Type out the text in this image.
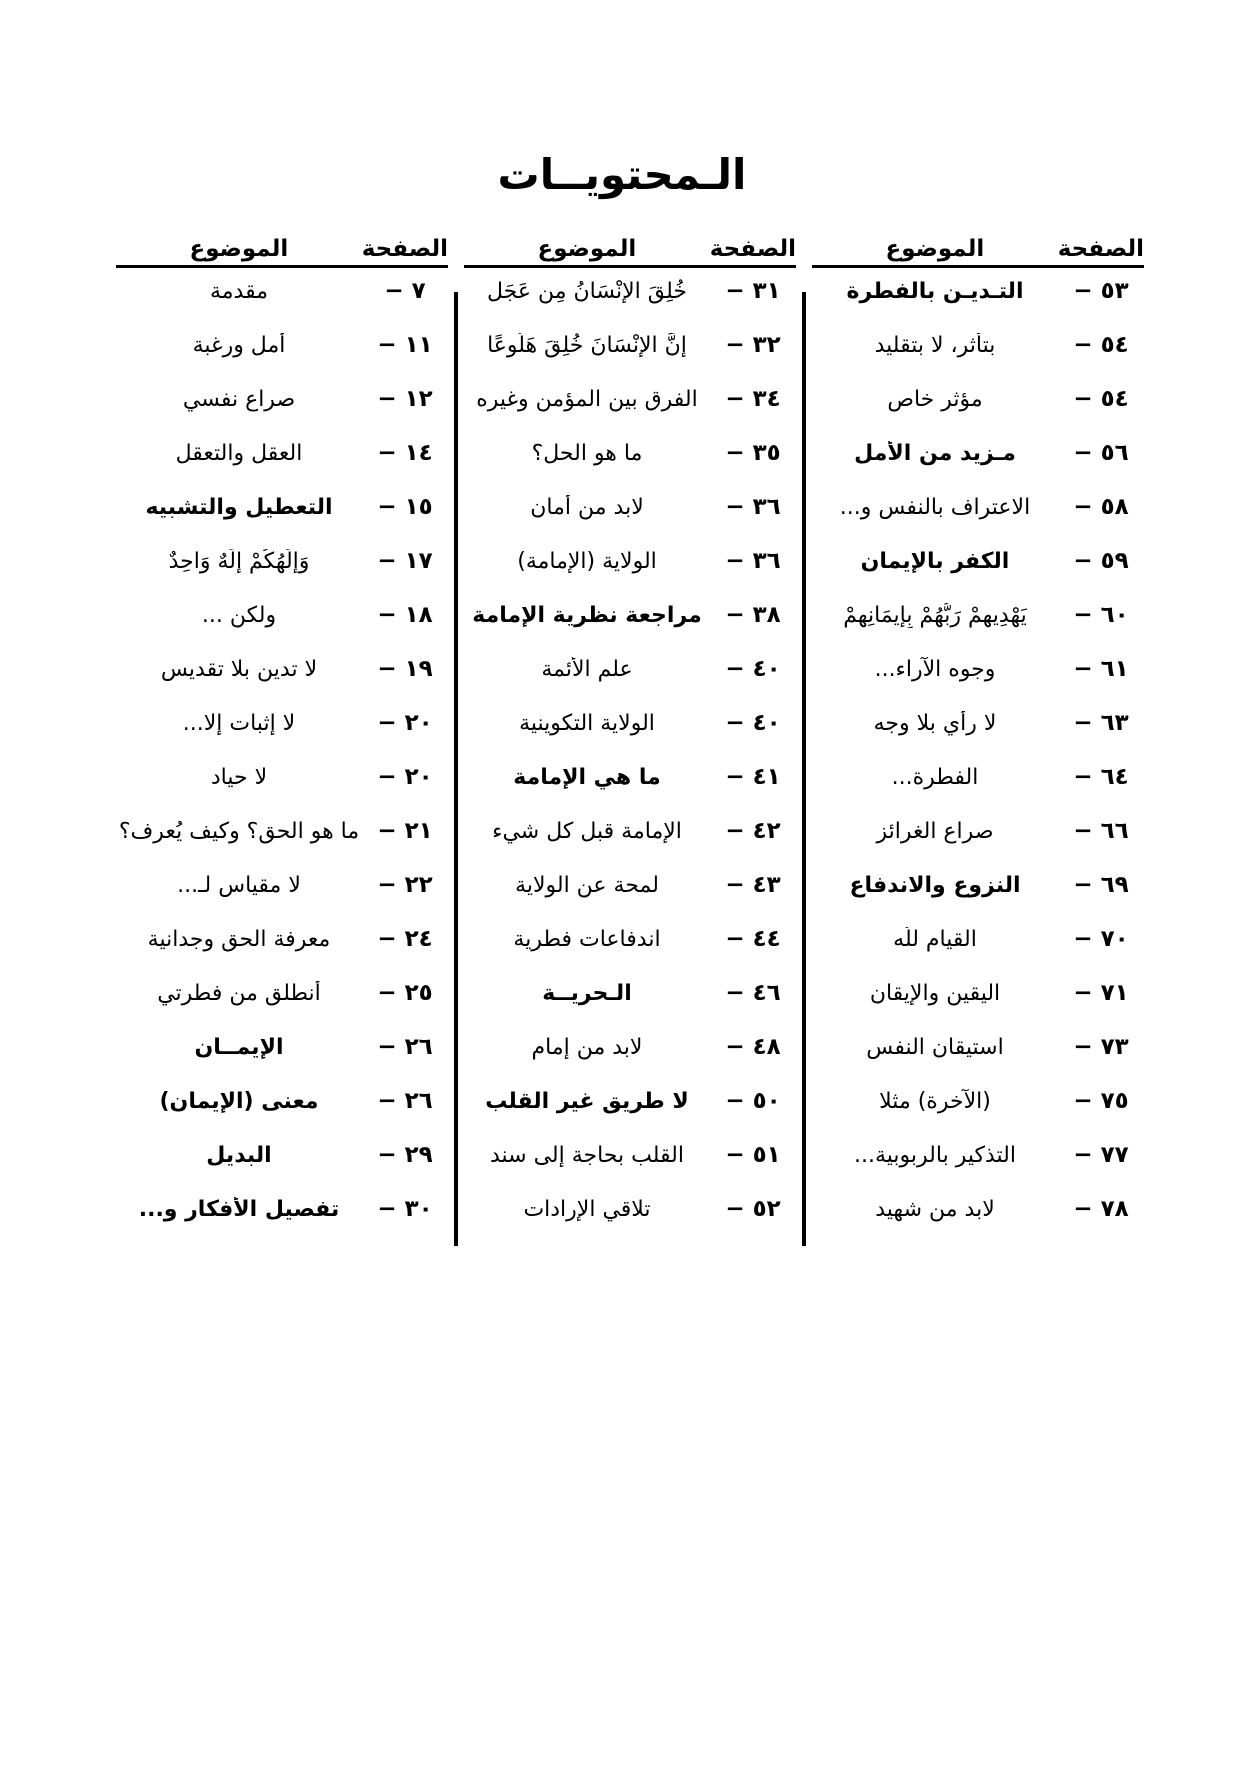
الـمحتويــات
الصفحة
الموضوع
٥٣ −
التـديـن بالفطرة
٥٤ −
بتأثر، لا بتقليد
٥٤ −
مؤثر خاص
٥٦ −
مـزيد من الأمل
٥٨ −
الاعتراف بالنفس و...
٥٩ −
الكفر بالإيمان
٦٠ −
يَهْدِيهِمْ رَبُّهُمْ بِإيمَانِهِمْ
٦١ −
وجوه الآراء...
٦٣ −
لا رأي بلا وجه
٦٤ −
الفطرة...
٦٦ −
صراع الغرائز
٦٩ −
النزوع والاندفاع
٧٠ −
القيام للّه
٧١ −
اليقين والإيقان
٧٣ −
استيقان النفس
٧٥ −
(الآخرة) مثلا
٧٧ −
التذكير بالربوبية...
٧٨ −
لابد من شهيد
الصفحة
الموضوع
٣١ −
خُلِقَ الإِنْسَانُ مِن عَجَل
٣٢ −
إنَّ الإِنْسَانَ خُلِقَ هَلُوعًا
٣٤ −
الفرق بين المؤمن وغيره
٣٥ −
ما هو الحل؟
٣٦ −
لابد من أمان
٣٦ −
الولاية (الإمامة)
٣٨ −
مراجعة نظرية الإمامة
٤٠ −
علم الأئمة
٤٠ −
الولاية التكوينية
٤١ −
ما هي الإمامة
٤٢ −
الإمامة قبل كل شيء
٤٣ −
لمحة عن الولاية
٤٤ −
اندفاعات فطرية
٤٦ −
الـحريــة
٤٨ −
لابد من إمام
٥٠ −
لا طريق غير القلب
٥١ −
القلب بحاجة إلى سند
٥٢ −
تلاقي الإرادات
الصفحة
الموضوع
٧ −
مقدمة
١١ −
أمل ورغبة
١٢ −
صراع نفسي
١٤ −
العقل والتعقل
١٥ −
التعطيل والتشبيه
١٧ −
وَإِلَهُكُمْ إِلَهٌ وَاحِدٌ
١٨ −
ولكن ...
١٩ −
لا تدين بلا تقديس
٢٠ −
لا إثبات إلا...
٢٠ −
لا حياد
٢١ −
ما هو الحق؟ وكيف يُعرف؟
٢٢ −
لا مقياس لـ...
٢٤ −
معرفة الحق وجدانية
٢٥ −
أنطلق من فطرتي
٢٦ −
الإيمــان
٢٦ −
معنى (الإيمان)
٢٩ −
البديل
٣٠ −
تفصيل الأفكار و...
